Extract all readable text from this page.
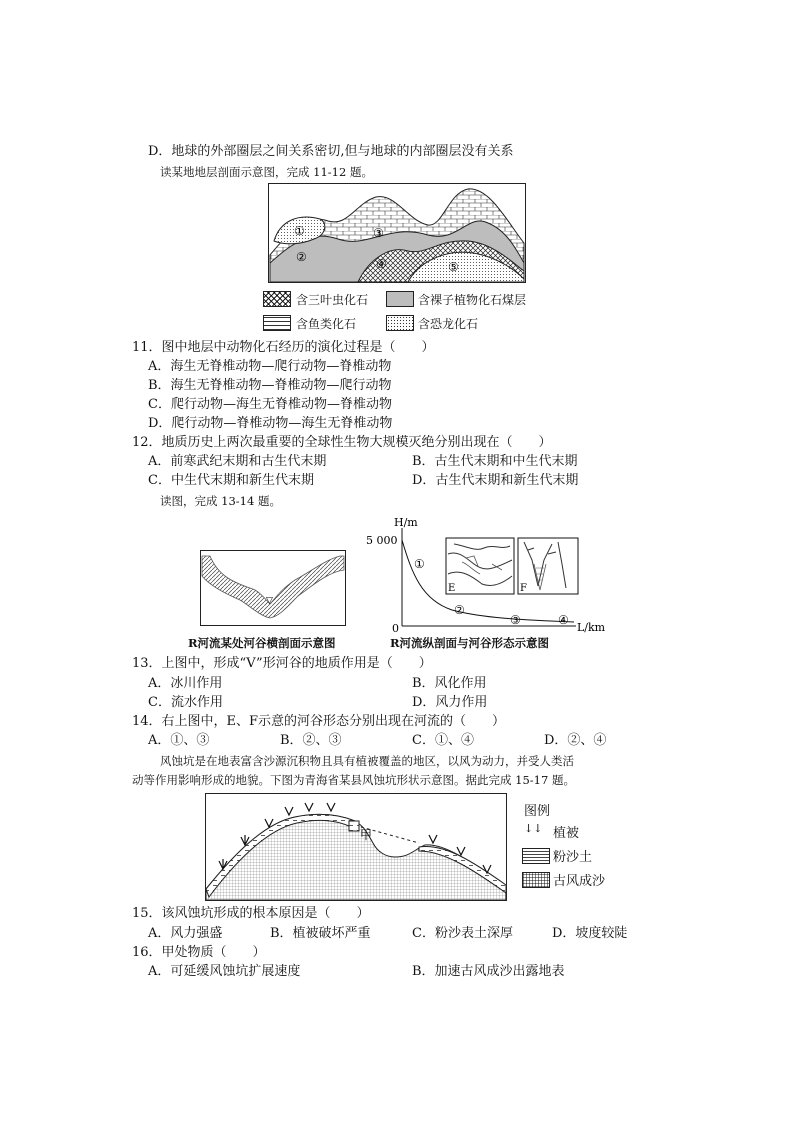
D．地球的外部圈层之间关系密切,但与地球的内部圈层没有关系
读某地地层剖面示意图，完成 11-12 题。
①
②
③
④	⑤
含三叶虫化石	含裸子植物化石煤层
含鱼类化石	含恐龙化石
11．图中地层中动物化石经历的演化过程是（　　）
A．海生无脊椎动物—爬行动物—脊椎动物
B．海生无脊椎动物—脊椎动物—爬行动物
C．爬行动物—海生无脊椎动物—脊椎动物
D．爬行动物—脊椎动物—海生无脊椎动物
12．地质历史上两次最重要的全球性生物大规模灭绝分别出现在（　　）
A．前寒武纪末期和古生代末期	B．古生代末期和中生代末期
C．中生代末期和新生代末期	D．古生代末期和新生代末期
读图，完成 13-14 题。
▽
R河流某处河谷横剖面示意图
H/m
5 000
0
①
②
③	④
L/km
E	F
R河流纵剖面与河谷形态示意图
13．上图中，形成“V”形河谷的地质作用是（　　）
A．冰川作用	B．风化作用
C．流水作用	D．风力作用
14．右上图中，E、F示意的河谷形态分别出现在河流的（　　）
A．①、③	B．②、③	C．①、④	D．②、④
风蚀坑是在地表富含沙源沉积物且具有植被覆盖的地区，以风为动力，并受人类活
动等作用影响形成的地貌。下图为青海省某县风蚀坑形状示意图。据此完成 15-17 题。
甲
图例
↓↓ 植被
粉沙土
古风成沙
15．该风蚀坑形成的根本原因是（　　）
A．风力强盛	B．植被破坏严重	C．粉沙表土深厚	D．坡度较陡
16．甲处物质（　　）
A．可延缓风蚀坑扩展速度	B．加速古风成沙出露地表
